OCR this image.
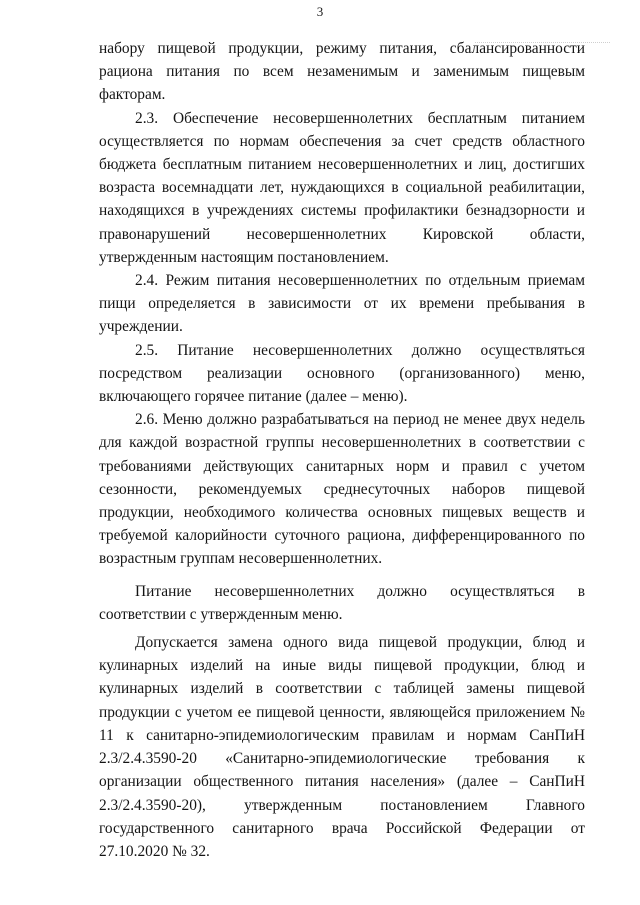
3

набору пищевой продукции, режиму питания, сбалансированности рациона питания по всем незаменимым и заменимым пищевым факторам.

2.3. Обеспечение несовершеннолетних бесплатным питанием осуществляется по нормам обеспечения за счет средств областного бюджета бесплатным питанием несовершеннолетних и лиц, достигших возраста восемнадцати лет, нуждающихся в социальной реабилитации, находящихся в учреждениях системы профилактики безнадзорности и правонарушений несовершеннолетних Кировской области, утвержденным настоящим постановлением.

2.4. Режим питания несовершеннолетних по отдельным приемам пищи определяется в зависимости от их времени пребывания в учреждении.

2.5. Питание несовершеннолетних должно осуществляться посредством реализации основного (организованного) меню, включающего горячее питание (далее – меню).

2.6. Меню должно разрабатываться на период не менее двух недель для каждой возрастной группы несовершеннолетних в соответствии с требованиями действующих санитарных норм и правил с учетом сезонности, рекомендуемых среднесуточных наборов пищевой продукции, необходимого количества основных пищевых веществ и требуемой калорийности суточного рациона, дифференцированного по возрастным группам несовершеннолетних.

Питание несовершеннолетних должно осуществляться в соответствии с утвержденным меню.

Допускается замена одного вида пищевой продукции, блюд и кулинарных изделий на иные виды пищевой продукции, блюд и кулинарных изделий в соответствии с таблицей замены пищевой продукции с учетом ее пищевой ценности, являющейся приложением № 11 к санитарно-эпидемиологическим правилам и нормам СанПиН 2.3/2.4.3590-20 «Санитарно-эпидемиологические требования к организации общественного питания населения» (далее – СанПиН 2.3/2.4.3590-20), утвержденным постановлением Главного государственного санитарного врача Российской Федерации от 27.10.2020 № 32.
